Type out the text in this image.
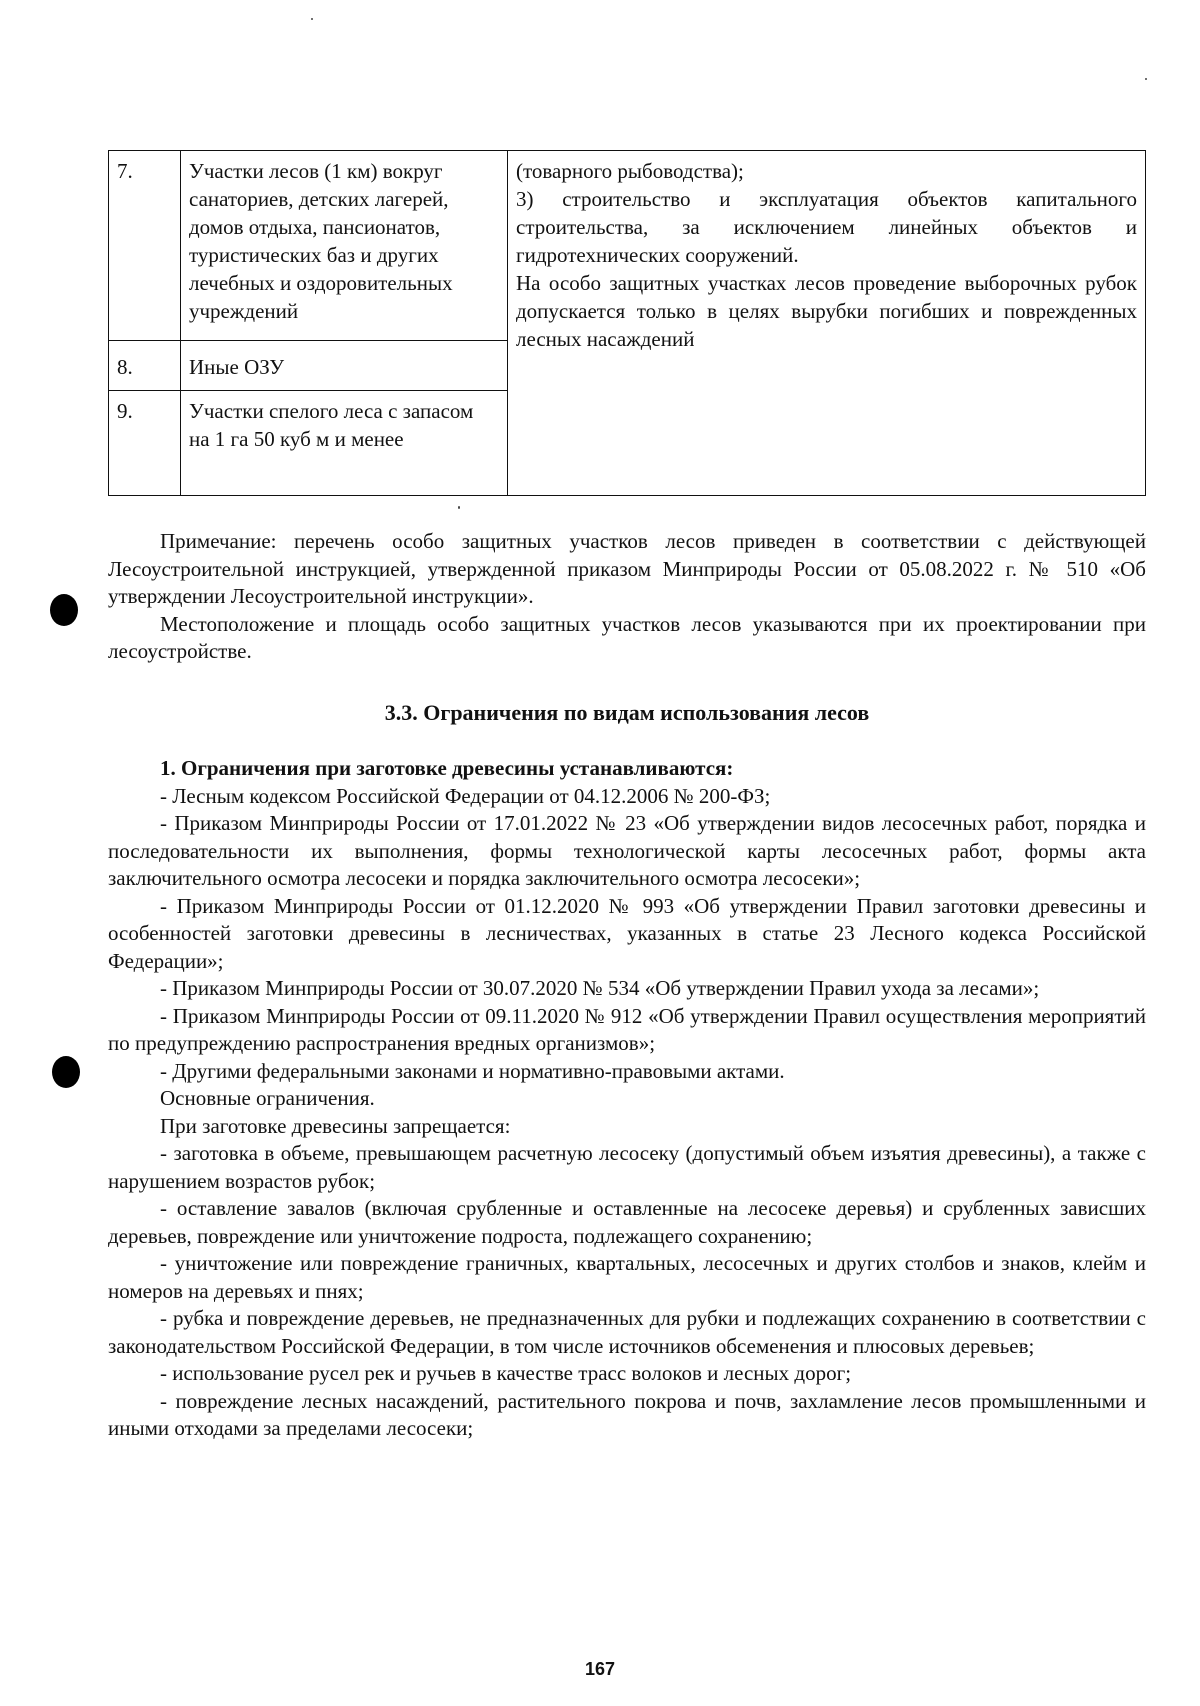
7.	Участки лесов (1 км) вокруг санаториев, детских лагерей, домов отдыха, пансионатов, туристических баз и других лечебных и оздоровительных учреждений	(товарного рыбоводства);

3) строительство и эксплуатация объектов капитального строительства, за исключением линейных объектов и гидротехнических сооружений.

На особо защитных участках лесов проведение выборочных рубок допускается только в целях вырубки погибших и поврежденных лесных насаждений

8.	Иные ОЗУ	
9.	Участки спелого леса с запасом на 1 га 50 куб м и менее	

Примечание: перечень особо защитных участков лесов приведен в соответствии с действующей Лесоустроительной инструкцией, утвержденной приказом Минприроды России от 05.08.2022 г. № 510 «Об утверждении Лесоустроительной инструкции».

Местоположение и площадь особо защитных участков лесов указываются при их проектировании при лесоустройстве.

3.3. Ограничения по видам использования лесов

1. Ограничения при заготовке древесины устанавливаются:

- Лесным кодексом Российской Федерации от 04.12.2006 № 200-ФЗ;

- Приказом Минприроды России от 17.01.2022 № 23 «Об утверждении видов лесосечных работ, порядка и последовательности их выполнения, формы технологической карты лесосечных работ, формы акта заключительного осмотра лесосеки и порядка заключительного осмотра лесосеки»;

- Приказом Минприроды России от 01.12.2020 № 993 «Об утверждении Правил заготовки древесины и особенностей заготовки древесины в лесничествах, указанных в статье 23 Лесного кодекса Российской Федерации»;

- Приказом Минприроды России от 30.07.2020 № 534 «Об утверждении Правил ухода за лесами»;

- Приказом Минприроды России от 09.11.2020 № 912 «Об утверждении Правил осуществления мероприятий по предупреждению распространения вредных организмов»;

- Другими федеральными законами и нормативно-правовыми актами.

Основные ограничения.

При заготовке древесины запрещается:

- заготовка в объеме, превышающем расчетную лесосеку (допустимый объем изъятия древесины), а также с нарушением возрастов рубок;

- оставление завалов (включая срубленные и оставленные на лесосеке деревья) и срубленных зависших деревьев, повреждение или уничтожение подроста, подлежащего сохранению;

- уничтожение или повреждение граничных, квартальных, лесосечных и других столбов и знаков, клейм и номеров на деревьях и пнях;

- рубка и повреждение деревьев, не предназначенных для рубки и подлежащих сохранению в соответствии с законодательством Российской Федерации, в том числе источников обсеменения и плюсовых деревьев;

- использование русел рек и ручьев в качестве трасс волоков и лесных дорог;

- повреждение лесных насаждений, растительного покрова и почв, захламление лесов промышленными и иными отходами за пределами лесосеки;

167
